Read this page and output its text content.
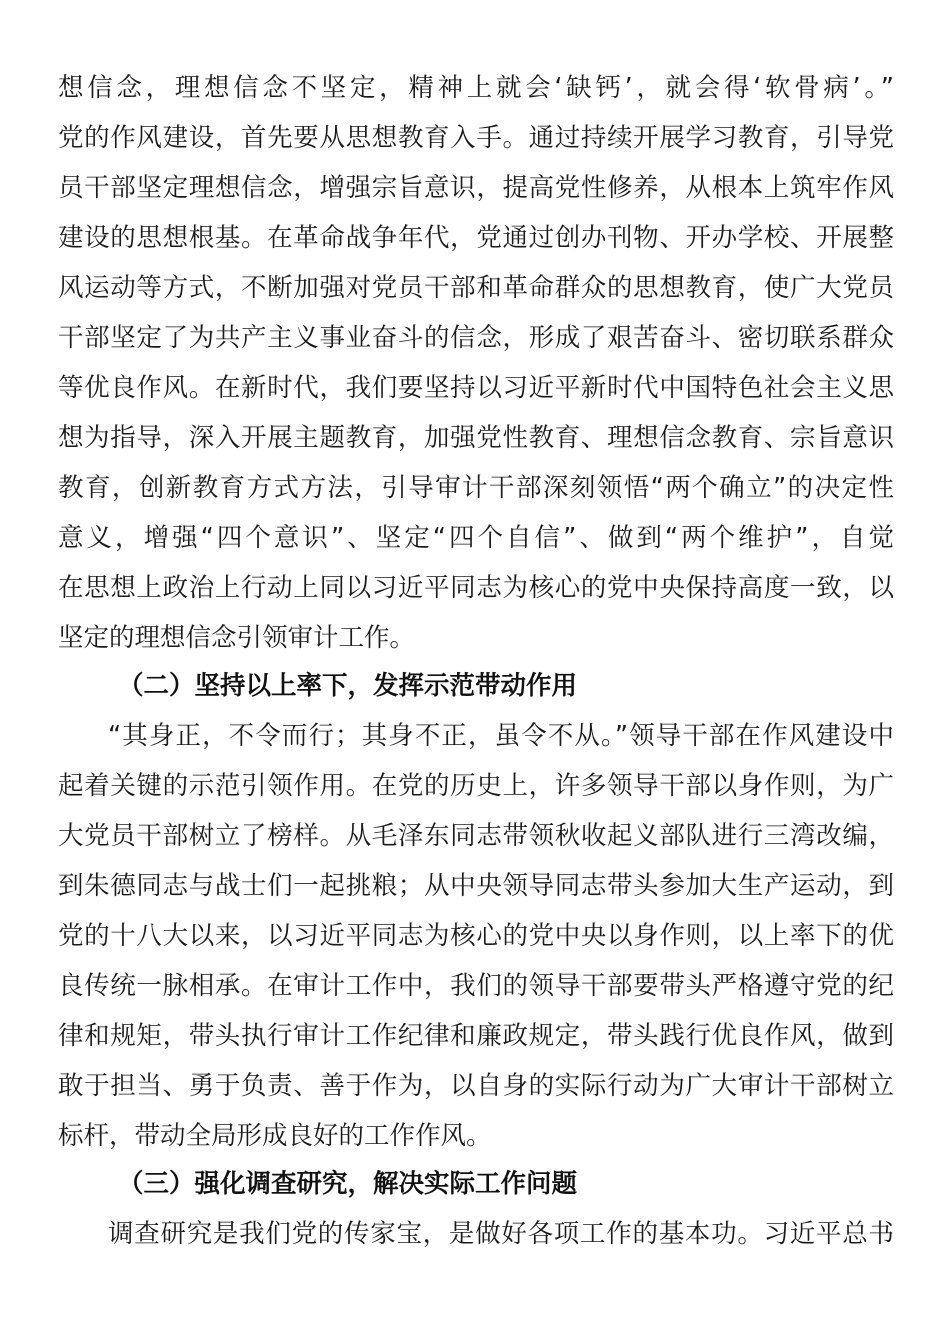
想信念，理想信念不坚定，精神上就会‘缺钙’，就会得‘软骨病’。”
党的作风建设，首先要从思想教育入手。通过持续开展学习教育，引导党
员干部坚定理想信念，增强宗旨意识，提高党性修养，从根本上筑牢作风
建设的思想根基。在革命战争年代，党通过创办刊物、开办学校、开展整
风运动等方式，不断加强对党员干部和革命群众的思想教育，使广大党员
干部坚定了为共产主义事业奋斗的信念，形成了艰苦奋斗、密切联系群众
等优良作风。在新时代，我们要坚持以习近平新时代中国特色社会主义思
想为指导，深入开展主题教育，加强党性教育、理想信念教育、宗旨意识
教育，创新教育方式方法，引导审计干部深刻领悟“两个确立”的决定性
意义，增强“四个意识”、坚定“四个自信”、做到“两个维护”，自觉
在思想上政治上行动上同以习近平同志为核心的党中央保持高度一致，以
坚定的理想信念引领审计工作。
（二）坚持以上率下，发挥示范带动作用
“其身正，不令而行；其身不正，虽令不从。”领导干部在作风建设中
起着关键的示范引领作用。在党的历史上，许多领导干部以身作则，为广
大党员干部树立了榜样。从毛泽东同志带领秋收起义部队进行三湾改编，
到朱德同志与战士们一起挑粮；从中央领导同志带头参加大生产运动，到
党的十八大以来，以习近平同志为核心的党中央以身作则，以上率下的优
良传统一脉相承。在审计工作中，我们的领导干部要带头严格遵守党的纪
律和规矩，带头执行审计工作纪律和廉政规定，带头践行优良作风，做到
敢于担当、勇于负责、善于作为，以自身的实际行动为广大审计干部树立
标杆，带动全局形成良好的工作作风。
（三）强化调查研究，解决实际工作问题
调查研究是我们党的传家宝，是做好各项工作的基本功。习近平总书
